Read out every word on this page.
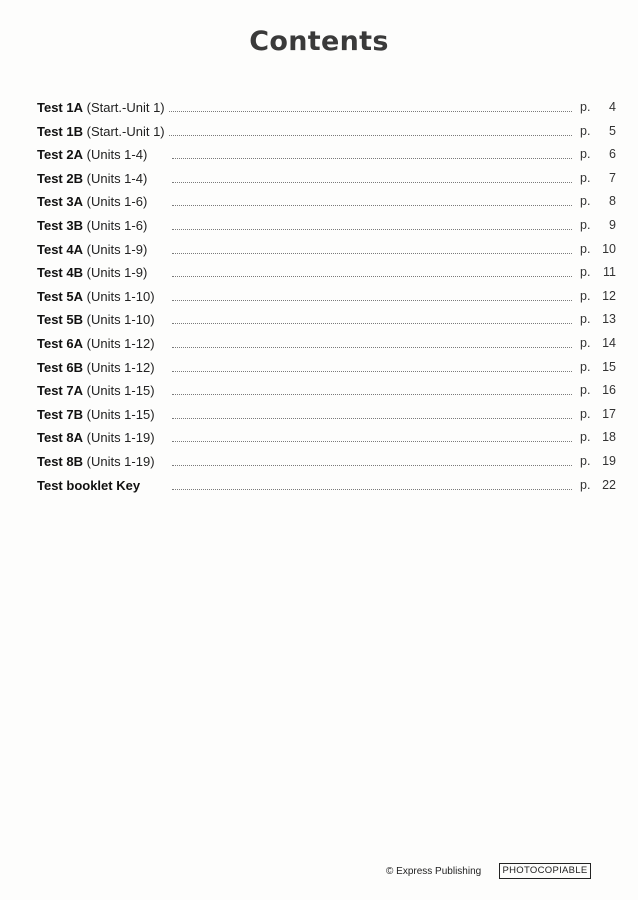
Contents
Test 1A (Start.-Unit 1)	p. 4
Test 1B (Start.-Unit 1)	p. 5
Test 2A (Units 1-4)	p. 6
Test 2B (Units 1-4)	p. 7
Test 3A (Units 1-6)	p. 8
Test 3B (Units 1-6)	p. 9
Test 4A (Units 1-9)	p. 10
Test 4B (Units 1-9)	p. 11
Test 5A (Units 1-10)	p. 12
Test 5B (Units 1-10)	p. 13
Test 6A (Units 1-12)	p. 14
Test 6B (Units 1-12)	p. 15
Test 7A (Units 1-15)	p. 16
Test 7B (Units 1-15)	p. 17
Test 8A (Units 1-19)	p. 18
Test 8B (Units 1-19)	p. 19
Test booklet Key	p. 22
© Express Publishing	PHOTOCOPIABLE
